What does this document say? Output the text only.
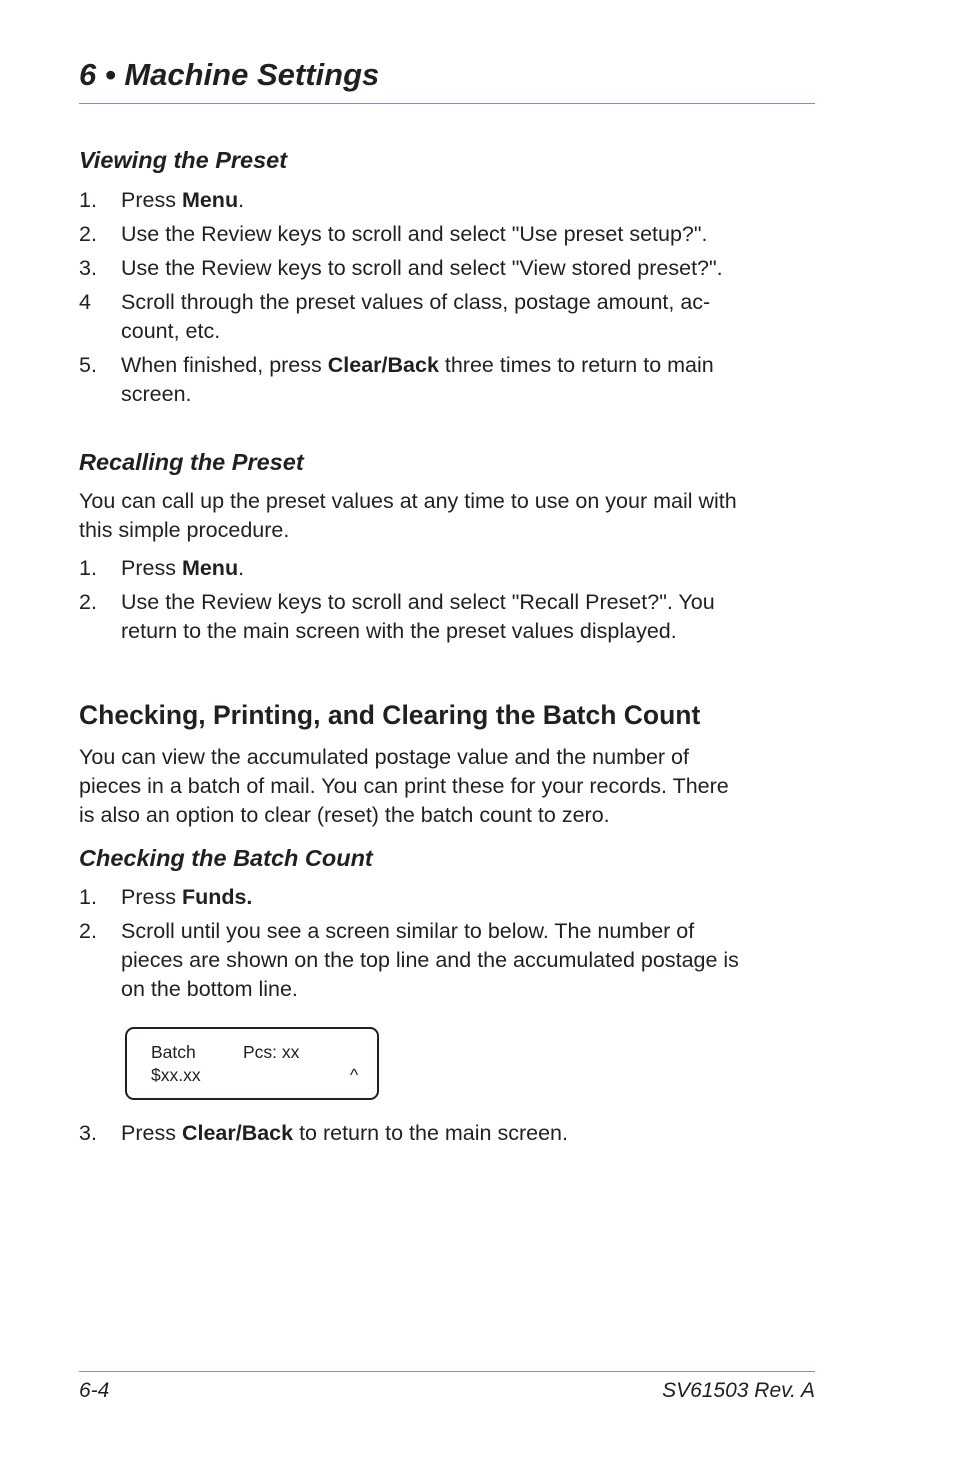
6 • Machine Settings
Viewing the Preset
1. Press Menu.
2. Use the Review keys to scroll and select "Use preset setup?".
3. Use the Review keys to scroll and select "View stored preset?".
4 Scroll through the preset values of class, postage amount, ac-
count, etc.
5. When finished, press Clear/Back three times to return to main
screen.
Recalling the Preset

You can call up the preset values at any time to use on your mail with
this simple procedure.

1. Press Menu.
2. Use the Review keys to scroll and select "Recall Preset?". You
return to the main screen with the preset values displayed.
Checking, Printing, and Clearing the Batch Count

You can view the accumulated postage value and the number of
pieces in a batch of mail. You can print these for your records. There
is also an option to clear (reset) the batch count to zero.

Checking the Batch Count
1. Press Funds.
2. Scroll until you see a screen similar to below. The number of
pieces are shown on the top line and the accumulated postage is
on the bottom line.
Batch	Pcs: xx
$xx.xx	^
3. Press Clear/Back to return to the main screen.
6-4	SV61503 Rev. A
